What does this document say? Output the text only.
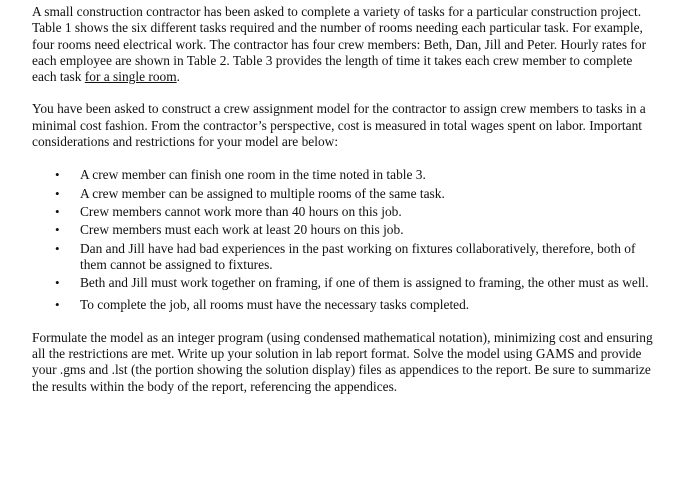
A small construction contractor has been asked to complete a variety of tasks for a particular construction project. Table 1 shows the six different tasks required and the number of rooms needing each particular task. For example, four rooms need electrical work. The contractor has four crew members: Beth, Dan, Jill and Peter. Hourly rates for each employee are shown in Table 2. Table 3 provides the length of time it takes each crew member to complete each task for a single room.

You have been asked to construct a crew assignment model for the contractor to assign crew members to tasks in a minimal cost fashion. From the contractor’s perspective, cost is measured in total wages spent on labor. Important considerations and restrictions for your model are below:

• A crew member can finish one room in the time noted in table 3.
• A crew member can be assigned to multiple rooms of the same task.
• Crew members cannot work more than 40 hours on this job.
• Crew members must each work at least 20 hours on this job.
• Dan and Jill have had bad experiences in the past working on fixtures collaboratively, therefore, both of them cannot be assigned to fixtures.
• Beth and Jill must work together on framing, if one of them is assigned to framing, the other must as well.
• To complete the job, all rooms must have the necessary tasks completed.

Formulate the model as an integer program (using condensed mathematical notation), minimizing cost and ensuring all the restrictions are met. Write up your solution in lab report format. Solve the model using GAMS and provide your .gms and .lst (the portion showing the solution display) files as appendices to the report. Be sure to summarize the results within the body of the report, referencing the appendices.
